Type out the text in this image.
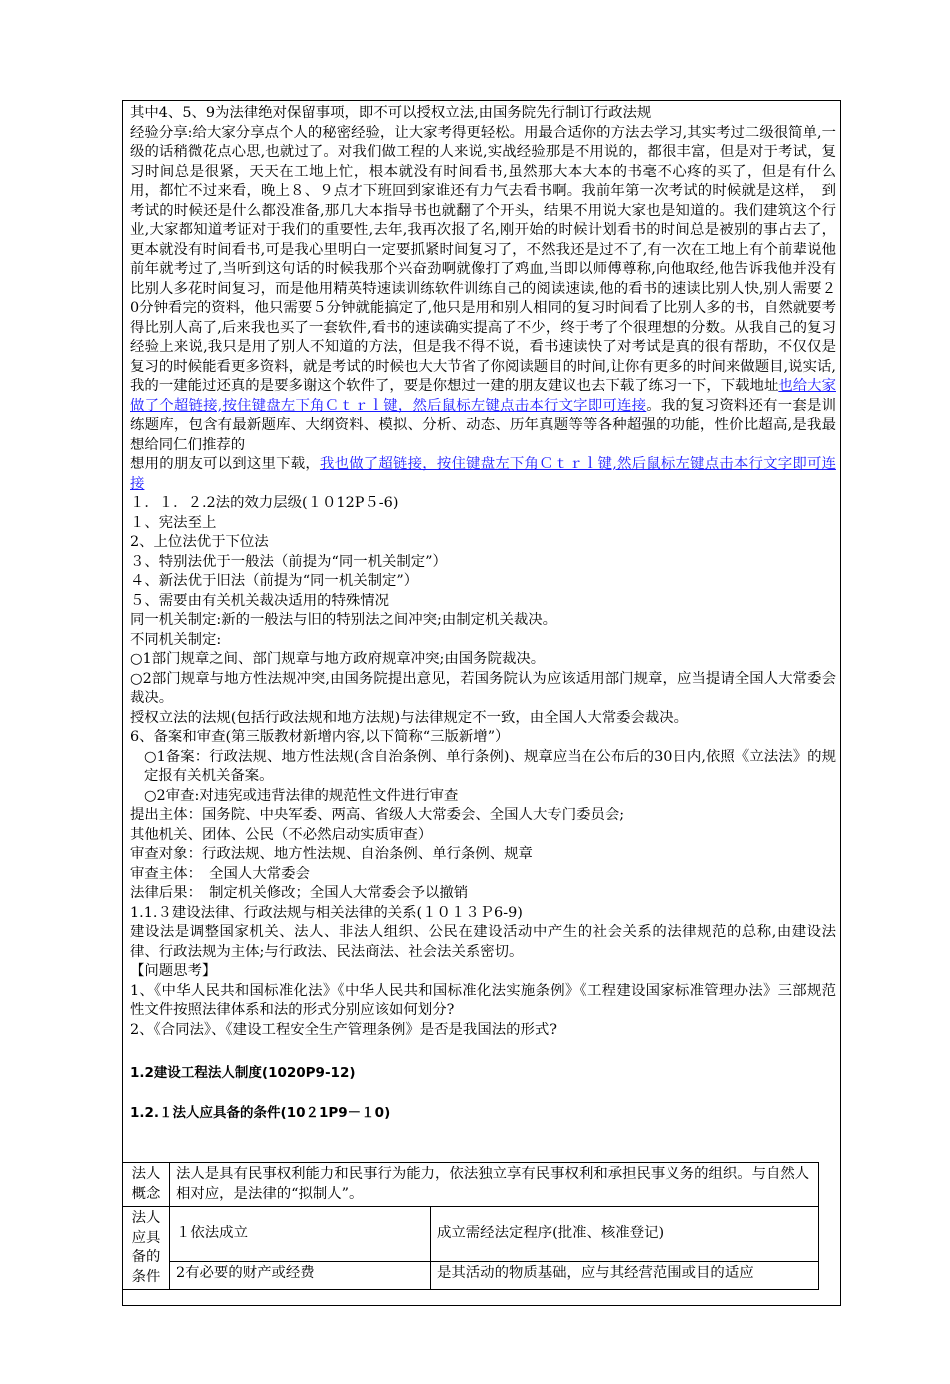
其中4、5、9为法律绝对保留事项，即不可以授权立法,由国务院先行制订行政法规

经验分享:给大家分享点个人的秘密经验，让大家考得更轻松。用最合适你的方法去学习,其实考过二级很简单,一级的话稍微花点心思,也就过了。对我们做工程的人来说,实战经验那是不用说的，都很丰富，但是对于考试，复习时间总是很紧，天天在工地上忙，根本就没有时间看书,虽然那大本大本的书毫不心疼的买了，但是有什么用，都忙不过来看，晚上８、９点才下班回到家谁还有力气去看书啊。我前年第一次考试的时候就是这样，　到考试的时候还是什么都没准备,那几大本指导书也就翻了个开头，结果不用说大家也是知道的。我们建筑这个行业,大家都知道考证对于我们的重要性,去年,我再次报了名,刚开始的时候计划看书的时间总是被别的事占去了，更本就没有时间看书,可是我心里明白一定要抓紧时间复习了，不然我还是过不了,有一次在工地上有个前辈说他前年就考过了,当听到这句话的时候我那个兴奋劲啊就像打了鸡血,当即以师傅尊称,向他取经,他告诉我他并没有比别人多花时间复习，而是他用精英特速读训练软件训练自己的阅读速读,他的看书的速读比别人快,别人需要２0分钟看完的资料，他只需要５分钟就能搞定了,他只是用和别人相同的复习时间看了比别人多的书，自然就要考得比别人高了,后来我也买了一套软件,看书的速读确实提高了不少，终于考了个很理想的分数。从我自己的复习经验上来说,我只是用了别人不知道的方法，但是我不得不说，看书速读快了对考试是真的很有帮助，不仅仅是复习的时候能看更多资料，就是考试的时候也大大节省了你阅读题目的时间,让你有更多的时间来做题目,说实话,我的一建能过还真的是要多谢这个软件了，要是你想过一建的朋友建议也去下载了练习一下，下载地址也给大家做了个超链接,按住键盘左下角Ｃｔｒｌ键，然后鼠标左键点击本行文字即可连接。我的复习资料还有一套是训练题库，包含有最新题库、大纲资料、模拟、分析、动态、历年真题等等各种超强的功能，性价比超高,是我最想给同仁们推荐的

想用的朋友可以到这里下载，我也做了超链接，按住键盘左下角Ｃｔｒｌ键,然后鼠标左键点击本行文字即可连接

１．１．２.2法的效力层级(１０12P５-6)

１、宪法至上

2、上位法优于下位法

３、特别法优于一般法（前提为“同一机关制定”）

４、新法优于旧法（前提为“同一机关制定”）

５、需要由有关机关裁决适用的特殊情况

同一机关制定:新的一般法与旧的特别法之间冲突;由制定机关裁决。

不同机关制定:

○1部门规章之间、部门规章与地方政府规章冲突;由国务院裁决。

○2部门规章与地方性法规冲突,由国务院提出意见，若国务院认为应该适用部门规章，应当提请全国人大常委会裁决。

授权立法的法规(包括行政法规和地方法规)与法律规定不一致，由全国人大常委会裁决。

6、备案和审查(第三版教材新增内容,以下简称“三版新增”）

○1备案：行政法规、地方性法规(含自治条例、单行条例)、规章应当在公布后的30日内,依照《立法法》的规定报有关机关备案。

○2审查:对违宪或违背法律的规范性文件进行审查

提出主体：国务院、中央军委、两高、省级人大常委会、全国人大专门委员会;

其他机关、团体、公民（不必然启动实质审查）

审查对象：行政法规、地方性法规、自治条例、单行条例、规章

审查主体：　全国人大常委会

法律后果：　制定机关修改；全国人大常委会予以撤销

1.1.３建设法律、行政法规与相关法律的关系(１０１３Ｐ6-9)

建设法是调整国家机关、法人、非法人组织、公民在建设活动中产生的社会关系的法律规范的总称,由建设法律、行政法规为主体;与行政法、民法商法、社会法关系密切。

【问题思考】

1、《中华人民共和国标准化法》《中华人民共和国标准化法实施条例》《工程建设国家标准管理办法》三部规范性文件按照法律体系和法的形式分别应该如何划分?

2、《合同法》、《建设工程安全生产管理条例》是否是我国法的形式?

1.2建设工程法人制度(1020P9-12)

1.2.１法人应具备的条件(10２1P9－１0)

法人概念	法人是具有民事权利能力和民事行为能力，依法独立享有民事权利和承担民事义务的组织。与自然人相对应，是法律的“拟制人”。	
法人应具备的条件	１依法成立	成立需经法定程序(批准、核准登记)
	2有必要的财产或经费	是其活动的物质基础，应与其经营范围或目的适应
